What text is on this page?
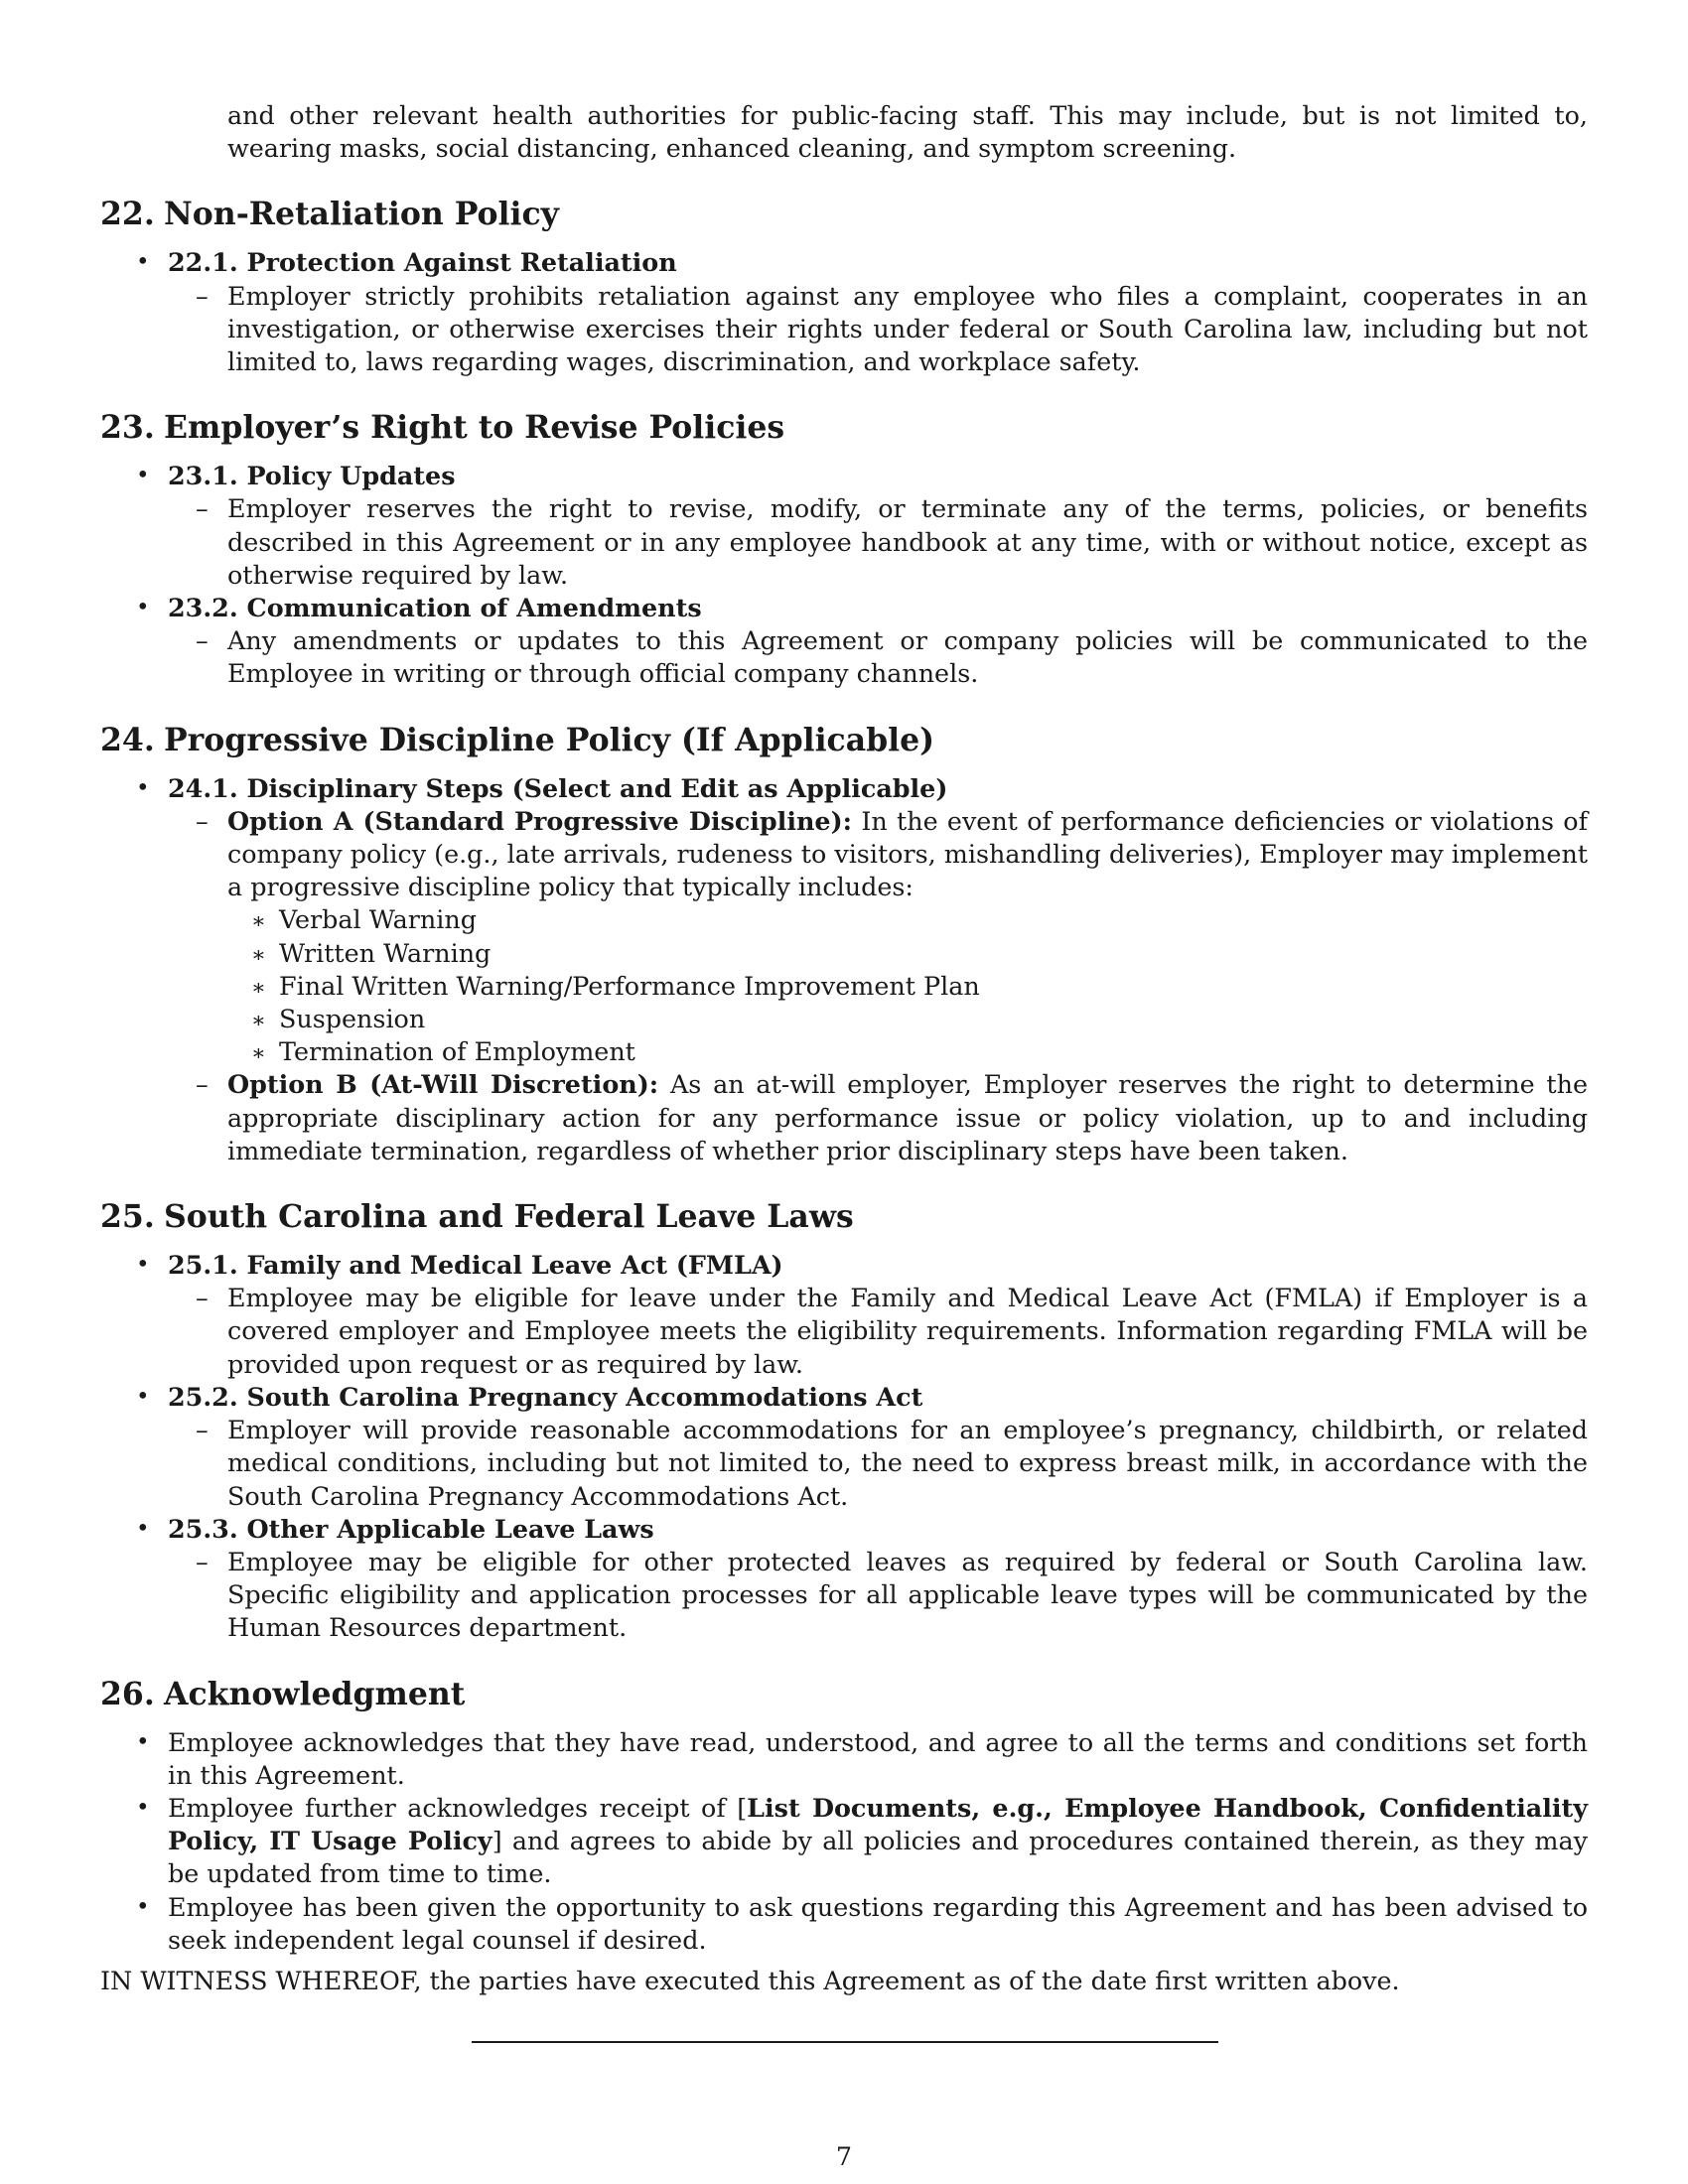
and other relevant health authorities for public-facing staff. This may include, but is not limited to, wearing masks, social distancing, enhanced cleaning, and symptom screening.

22. Non-Retaliation Policy
• 22.1. Protection Against Retaliation
– Employer strictly prohibits retaliation against any employee who files a complaint, cooperates in an investigation, or otherwise exercises their rights under federal or South Carolina law, including but not limited to, laws regarding wages, discrimination, and workplace safety.
23. Employer’s Right to Revise Policies
• 23.1. Policy Updates
– Employer reserves the right to revise, modify, or terminate any of the terms, policies, or benefits described in this Agreement or in any employee handbook at any time, with or without notice, except as otherwise required by law.
• 23.2. Communication of Amendments
– Any amendments or updates to this Agreement or company policies will be communicated to the Employee in writing or through official company channels.
24. Progressive Discipline Policy (If Applicable)
• 24.1. Disciplinary Steps (Select and Edit as Applicable)
– Option A (Standard Progressive Discipline): In the event of performance deficiencies or violations of company policy (e.g., late arrivals, rudeness to visitors, mishandling deliveries), Employer may implement a progressive discipline policy that typically includes:
∗ Verbal Warning
∗ Written Warning
∗ Final Written Warning/Performance Improvement Plan
∗ Suspension
∗ Termination of Employment
– Option B (At-Will Discretion): As an at-will employer, Employer reserves the right to determine the appropriate disciplinary action for any performance issue or policy violation, up to and including immediate termination, regardless of whether prior disciplinary steps have been taken.
25. South Carolina and Federal Leave Laws
• 25.1. Family and Medical Leave Act (FMLA)
– Employee may be eligible for leave under the Family and Medical Leave Act (FMLA) if Employer is a covered employer and Employee meets the eligibility requirements. Information regarding FMLA will be provided upon request or as required by law.
• 25.2. South Carolina Pregnancy Accommodations Act
– Employer will provide reasonable accommodations for an employee’s pregnancy, childbirth, or related medical conditions, including but not limited to, the need to express breast milk, in accordance with the South Carolina Pregnancy Accommodations Act.
• 25.3. Other Applicable Leave Laws
– Employee may be eligible for other protected leaves as required by federal or South Carolina law. Specific eligibility and application processes for all applicable leave types will be communicated by the Human Resources department.
26. Acknowledgment
• Employee acknowledges that they have read, understood, and agree to all the terms and conditions set forth in this Agreement.
• Employee further acknowledges receipt of [List Documents, e.g., Employee Handbook, Confidentiality Policy, IT Usage Policy] and agrees to abide by all policies and procedures contained therein, as they may be updated from time to time.
• Employee has been given the opportunity to ask questions regarding this Agreement and has been advised to seek independent legal counsel if desired.

IN WITNESS WHEREOF, the parties have executed this Agreement as of the date first written above.

7
